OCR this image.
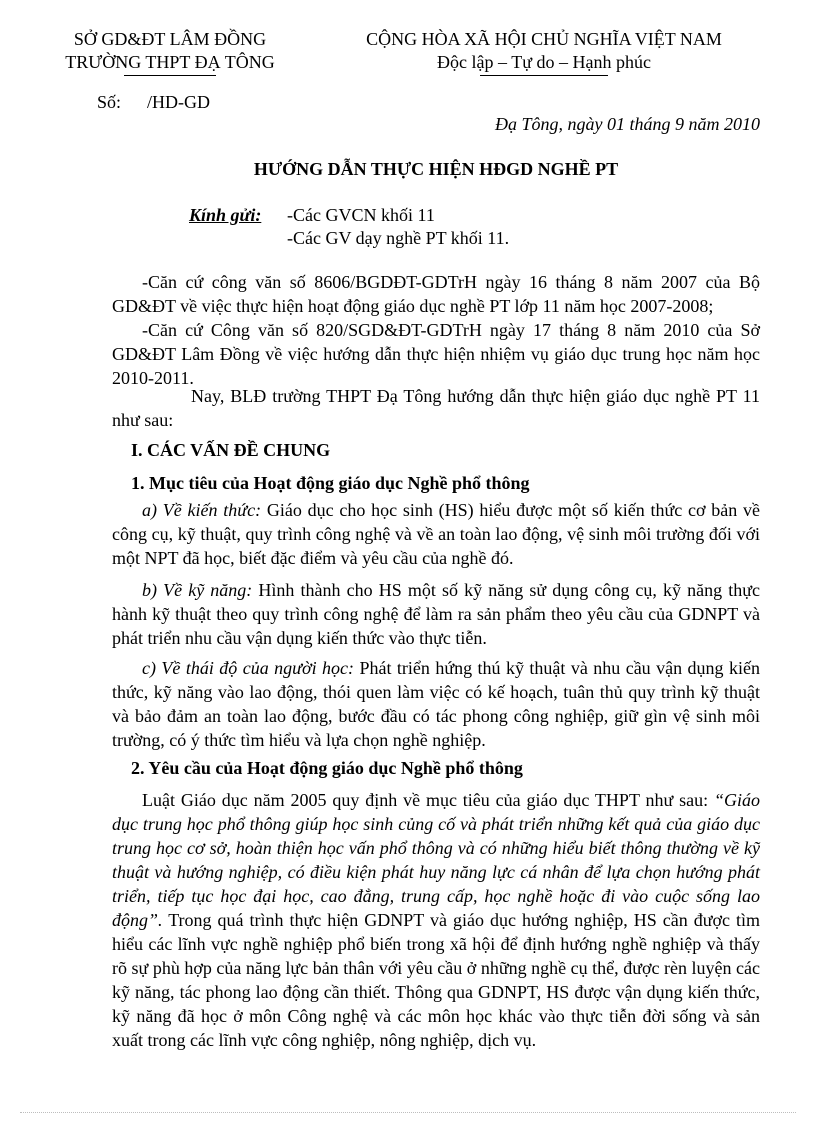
SỞ GD&ĐT LÂM ĐỒNG
TRƯỜNG THPT ĐẠ TÔNG
CỘNG HÒA XÃ HỘI CHỦ NGHĨA VIỆT NAM
Độc lập – Tự do – Hạnh phúc
Số: /HD-GD
Đạ Tông, ngày 01 tháng 9 năm 2010
HƯỚNG DẪN THỰC HIỆN HĐGD NGHỀ PT
Kính gửi: -Các GVCN khối 11
-Các GV dạy nghề PT khối 11.
-Căn cứ công văn số 8606/BGDĐT-GDTrH ngày 16 tháng 8 năm 2007 của Bộ GD&ĐT về việc thực hiện hoạt động giáo dục nghề PT lớp 11 năm học 2007-2008;
-Căn cứ Công văn số 820/SGD&ĐT-GDTrH ngày 17 tháng 8 năm 2010 của Sở GD&ĐT Lâm Đồng về việc hướng dẫn thực hiện nhiệm vụ giáo dục trung học năm học 2010-2011.
Nay, BLĐ trường THPT Đạ Tông hướng dẫn thực hiện giáo dục nghề PT 11 như sau:
I. CÁC VẤN ĐỀ CHUNG
1. Mục tiêu của Hoạt động giáo dục Nghề phổ thông
a) Về kiến thức: Giáo dục cho học sinh (HS) hiểu được một số kiến thức cơ bản về công cụ, kỹ thuật, quy trình công nghệ và về an toàn lao động, vệ sinh môi trường đối với một NPT đã học, biết đặc điểm và yêu cầu của nghề đó.
b) Về kỹ năng: Hình thành cho HS một số kỹ năng sử dụng công cụ, kỹ năng thực hành kỹ thuật theo quy trình công nghệ để làm ra sản phẩm theo yêu cầu của GDNPT và phát triển nhu cầu vận dụng kiến thức vào thực tiễn.
c) Về thái độ của người học: Phát triển hứng thú kỹ thuật và nhu cầu vận dụng kiến thức, kỹ năng vào lao động, thói quen làm việc có kế hoạch, tuân thủ quy trình kỹ thuật và bảo đảm an toàn lao động, bước đầu có tác phong công nghiệp, giữ gìn vệ sinh môi trường, có ý thức tìm hiểu và lựa chọn nghề nghiệp.
2. Yêu cầu của Hoạt động giáo dục Nghề phổ thông
Luật Giáo dục năm 2005 quy định về mục tiêu của giáo dục THPT như sau: “Giáo dục trung học phổ thông giúp học sinh củng cố và phát triển những kết quả của giáo dục trung học cơ sở, hoàn thiện học vấn phổ thông và có những hiểu biết thông thường về kỹ thuật và hướng nghiệp, có điều kiện phát huy năng lực cá nhân để lựa chọn hướng phát triển, tiếp tục học đại học, cao đẳng, trung cấp, học nghề hoặc đi vào cuộc sống lao động”. Trong quá trình thực hiện GDNPT và giáo dục hướng nghiệp, HS cần được tìm hiểu các lĩnh vực nghề nghiệp phổ biến trong xã hội để định hướng nghề nghiệp và thấy rõ sự phù hợp của năng lực bản thân với yêu cầu ở những nghề cụ thể, được rèn luyện các kỹ năng, tác phong lao động cần thiết. Thông qua GDNPT, HS được vận dụng kiến thức, kỹ năng đã học ở môn Công nghệ và các môn học khác vào thực tiễn đời sống và sản xuất trong các lĩnh vực công nghiệp, nông nghiệp, dịch vụ.
